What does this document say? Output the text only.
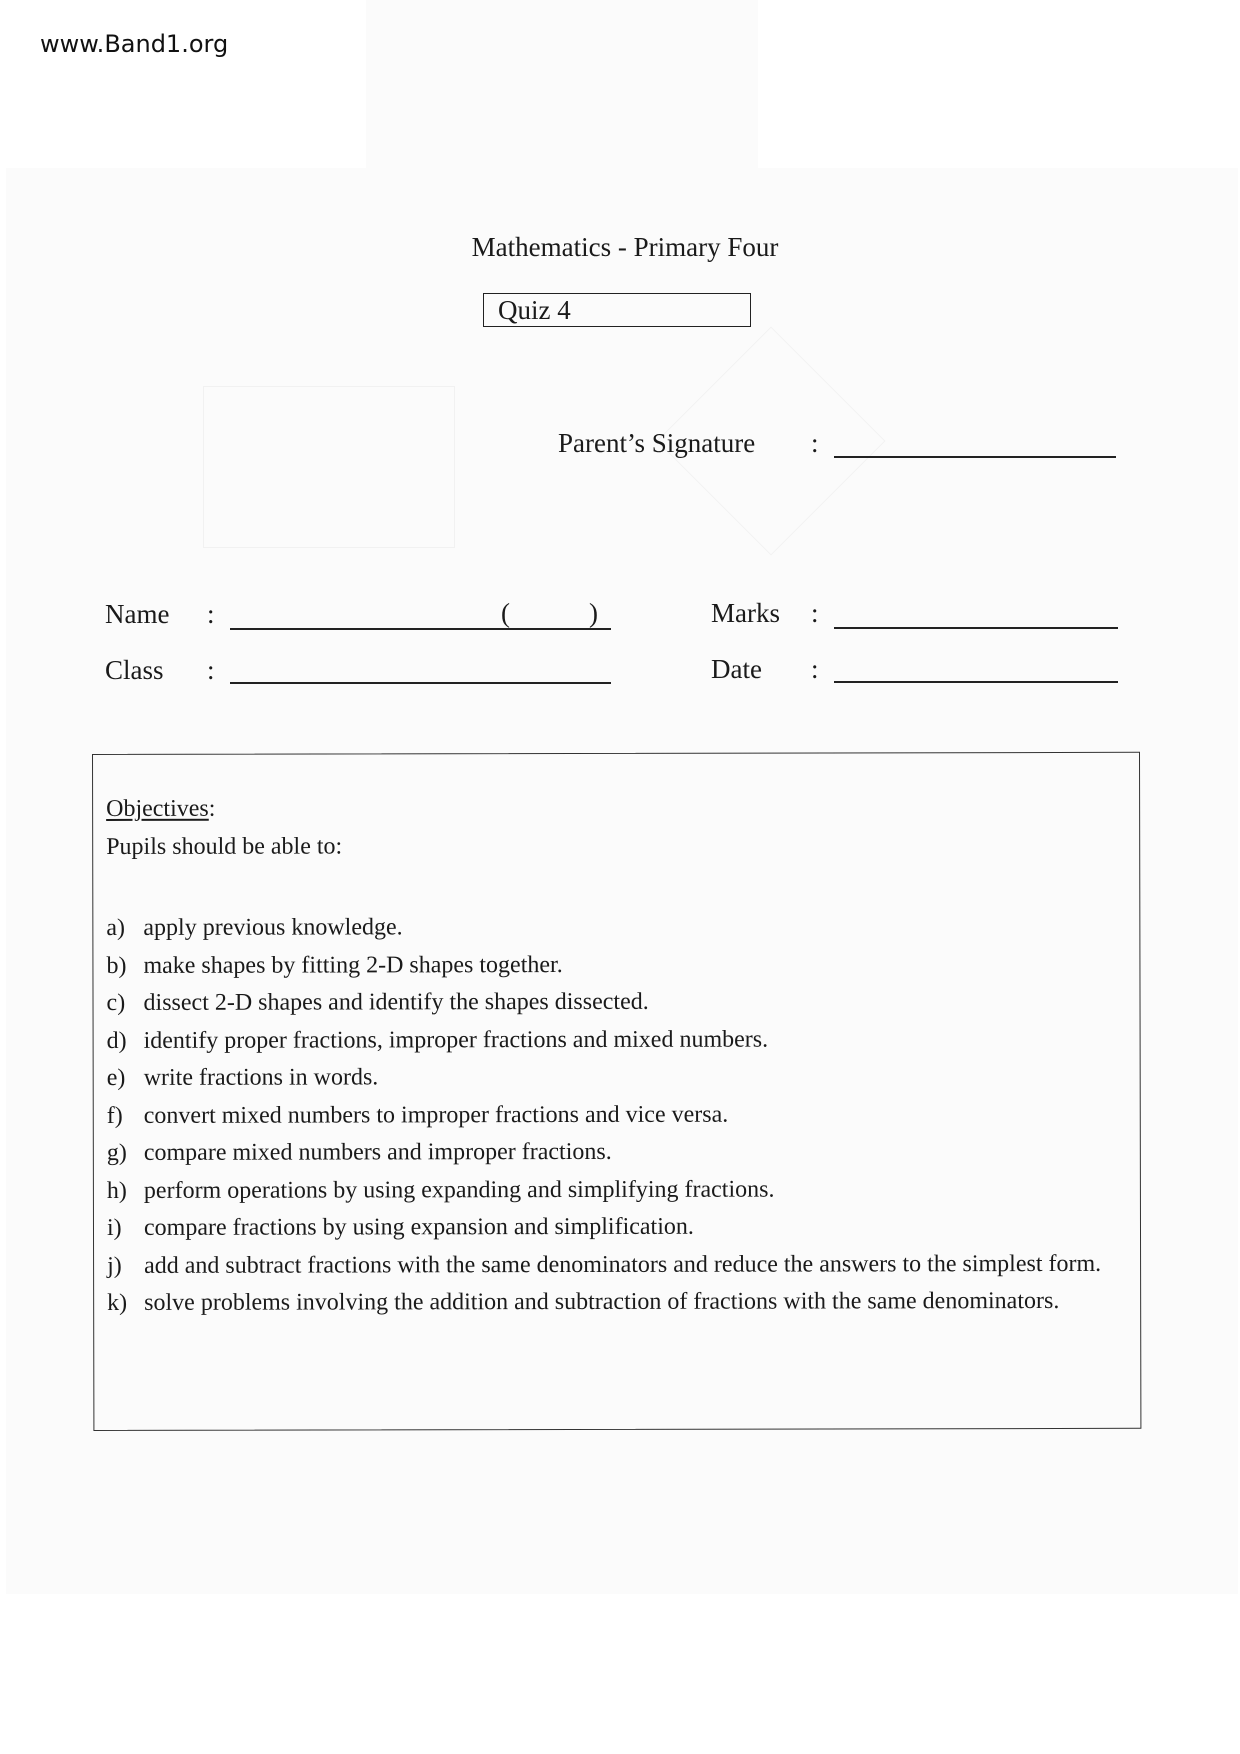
www.Band1.org
Mathematics - Primary Four
Quiz 4
Parent’s Signature :
Name :	(	)
Class :
Marks :
Date :
Objectives:
Pupils should be able to:
a) apply previous knowledge.
b) make shapes by fitting 2-D shapes together.
c) dissect 2-D shapes and identify the shapes dissected.
d) identify proper fractions, improper fractions and mixed numbers.
e) write fractions in words.
f) convert mixed numbers to improper fractions and vice versa.
g) compare mixed numbers and improper fractions.
h) perform operations by using expanding and simplifying fractions.
i) compare fractions by using expansion and simplification.
j) add and subtract fractions with the same denominators and reduce the answers to the simplest form.
k) solve problems involving the addition and subtraction of fractions with the same denominators.
